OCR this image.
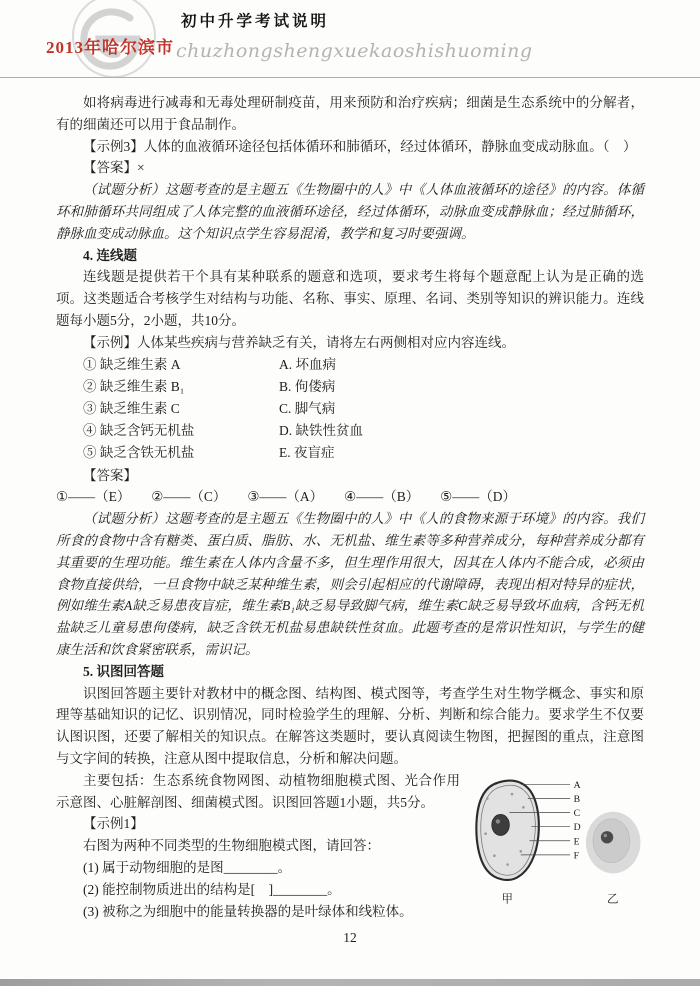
2013年哈尔滨市
初中升学考试说明
chuzhongshengxuekaoshishuoming

如将病毒进行减毒和无毒处理研制疫苗，用来预防和治疗疾病；细菌是生态系统中的分解者，有的细菌还可以用于食品制作。

【示例3】人体的血液循环途径包括体循环和肺循环，经过体循环，静脉血变成动脉血。（　）

【答案】×

（试题分析）这题考查的是主题五《生物圈中的人》中《人体血液循环的途径》的内容。体循环和肺循环共同组成了人体完整的血液循环途径，经过体循环，动脉血变成静脉血；经过肺循环，静脉血变成动脉血。这个知识点学生容易混淆，教学和复习时要强调。

4. 连线题

连线题是提供若干个具有某种联系的题意和选项，要求考生将每个题意配上认为是正确的选项。这类题适合考核学生对结构与功能、名称、事实、原理、名词、类别等知识的辨识能力。连线题每小题5分，2小题，共10分。

【示例】人体某些疾病与营养缺乏有关，请将左右两侧相对应内容连线。

① 缺乏维生素 A	A. 坏血病
② 缺乏维生素 B₁	B. 佝偻病
③ 缺乏维生素 C	C. 脚气病
④ 缺乏含钙无机盐	D. 缺铁性贫血
⑤ 缺乏含铁无机盐	E. 夜盲症

【答案】

①——（E） ②——（C） ③——（A） ④——（B） ⑤——（D）

（试题分析）这题考查的是主题五《生物圈中的人》中《人的食物来源于环境》的内容。我们所食的食物中含有糖类、蛋白质、脂肪、水、无机盐、维生素等多种营养成分，每种营养成分都有其重要的生理功能。维生素在人体内含量不多，但生理作用很大，因其在人体内不能合成，必须由食物直接供给，一旦食物中缺乏某种维生素，则会引起相应的代谢障碍，表现出相对特异的症状，例如维生素A缺乏易患夜盲症，维生素B₁缺乏易导致脚气病，维生素C缺乏易导致坏血病，含钙无机盐缺乏儿童易患佝偻病，缺乏含铁无机盐易患缺铁性贫血。此题考查的是常识性知识，与学生的健康生活和饮食紧密联系，需识记。

5. 识图回答题

识图回答题主要针对教材中的概念图、结构图、模式图等，考查学生对生物学概念、事实和原理等基础知识的记忆、识别情况，同时检验学生的理解、分析、判断和综合能力。要求学生不仅要认图识图，还要了解相关的知识点。在解答这类题时，要认真阅读生物图，把握图的重点，注意图与文字间的转换，注意从图中提取信息，分析和解决问题。

A
B
C
D
E
F
甲	乙

主要包括：生态系统食物网图、动植物细胞模式图、光合作用示意图、心脏解剖图、细菌模式图。识图回答题1小题，共5分。

【示例1】

右图为两种不同类型的生物细胞模式图，请回答：

(1) 属于动物细胞的是图________。

(2) 能控制物质进出的结构是[　]________。

(3) 被称之为细胞中的能量转换器的是叶绿体和线粒体。

12
